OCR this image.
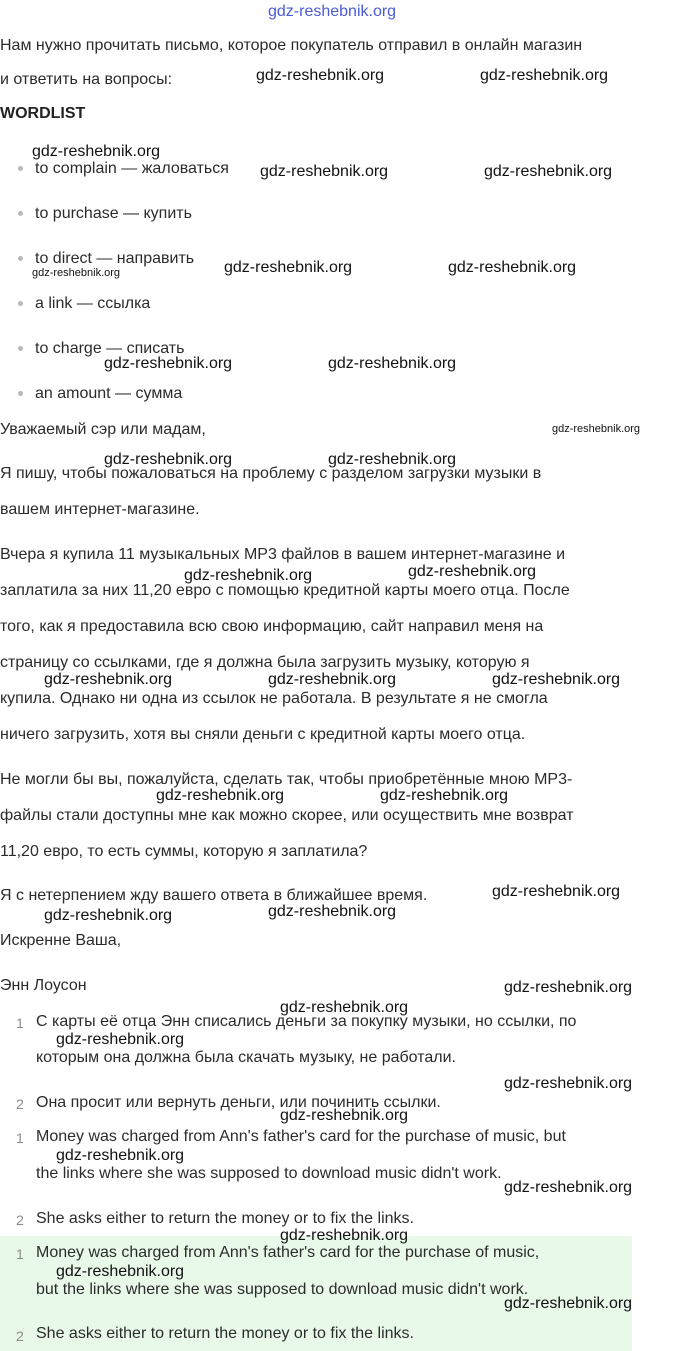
gdz-reshebnik.org
Нам нужно прочитать письмо, которое покупатель отправил в онлайн магазин
и ответить на вопросы:
WORDLIST
to complain — жаловаться
to purchase — купить
to direct — направить
a link — ссылка
to charge — списать
an amount — сумма
Уважаемый сэр или мадам,
Я пишу, чтобы пожаловаться на проблему с разделом загрузки музыки в
вашем интернет-магазине.
Вчера я купила 11 музыкальных MP3 файлов в вашем интернет-магазине и
заплатила за них 11,20 евро с помощью кредитной карты моего отца. После
того, как я предоставила всю свою информацию, сайт направил меня на
страницу со ссылками, где я должна была загрузить музыку, которую я
купила. Однако ни одна из ссылок не работала. В результате я не смогла
ничего загрузить, хотя вы сняли деньги с кредитной карты моего отца.
Не могли бы вы, пожалуйста, сделать так, чтобы приобретённые мною MP3-
файлы стали доступны мне как можно скорее, или осуществить мне возврат
11,20 евро, то есть суммы, которую я заплатила?
Я с нетерпением жду вашего ответа в ближайшее время.
Искренне Ваша,
Энн Лоусон
1 С карты её отца Энн списались деньги за покупку музыки, но ссылки, по
которым она должна была скачать музыку, не работали.
2 Она просит или вернуть деньги, или починить ссылки.
1 Money was charged from Ann's father's card for the purchase of music, but
the links where she was supposed to download music didn't work.
2 She asks either to return the money or to fix the links.
1 Money was charged from Ann's father's card for the purchase of music,
but the links where she was supposed to download music didn't work.
2 She asks either to return the money or to fix the links.
gdz-reshebnik.org	gdz-reshebnik.org
gdz-reshebnik.org
gdz-reshebnik.org	gdz-reshebnik.org
gdz-reshebnik.org	gdz-reshebnik.org	gdz-reshebnik.org
gdz-reshebnik.org	gdz-reshebnik.org
gdz-reshebnik.org
gdz-reshebnik.org	gdz-reshebnik.org
gdz-reshebnik.org	gdz-reshebnik.org
gdz-reshebnik.org	gdz-reshebnik.org	gdz-reshebnik.org
gdz-reshebnik.org	gdz-reshebnik.org
gdz-reshebnik.org
gdz-reshebnik.org	gdz-reshebnik.org
gdz-reshebnik.org
gdz-reshebnik.org
gdz-reshebnik.org
gdz-reshebnik.org
gdz-reshebnik.org
gdz-reshebnik.org
gdz-reshebnik.org
gdz-reshebnik.org
gdz-reshebnik.org
gdz-reshebnik.org
